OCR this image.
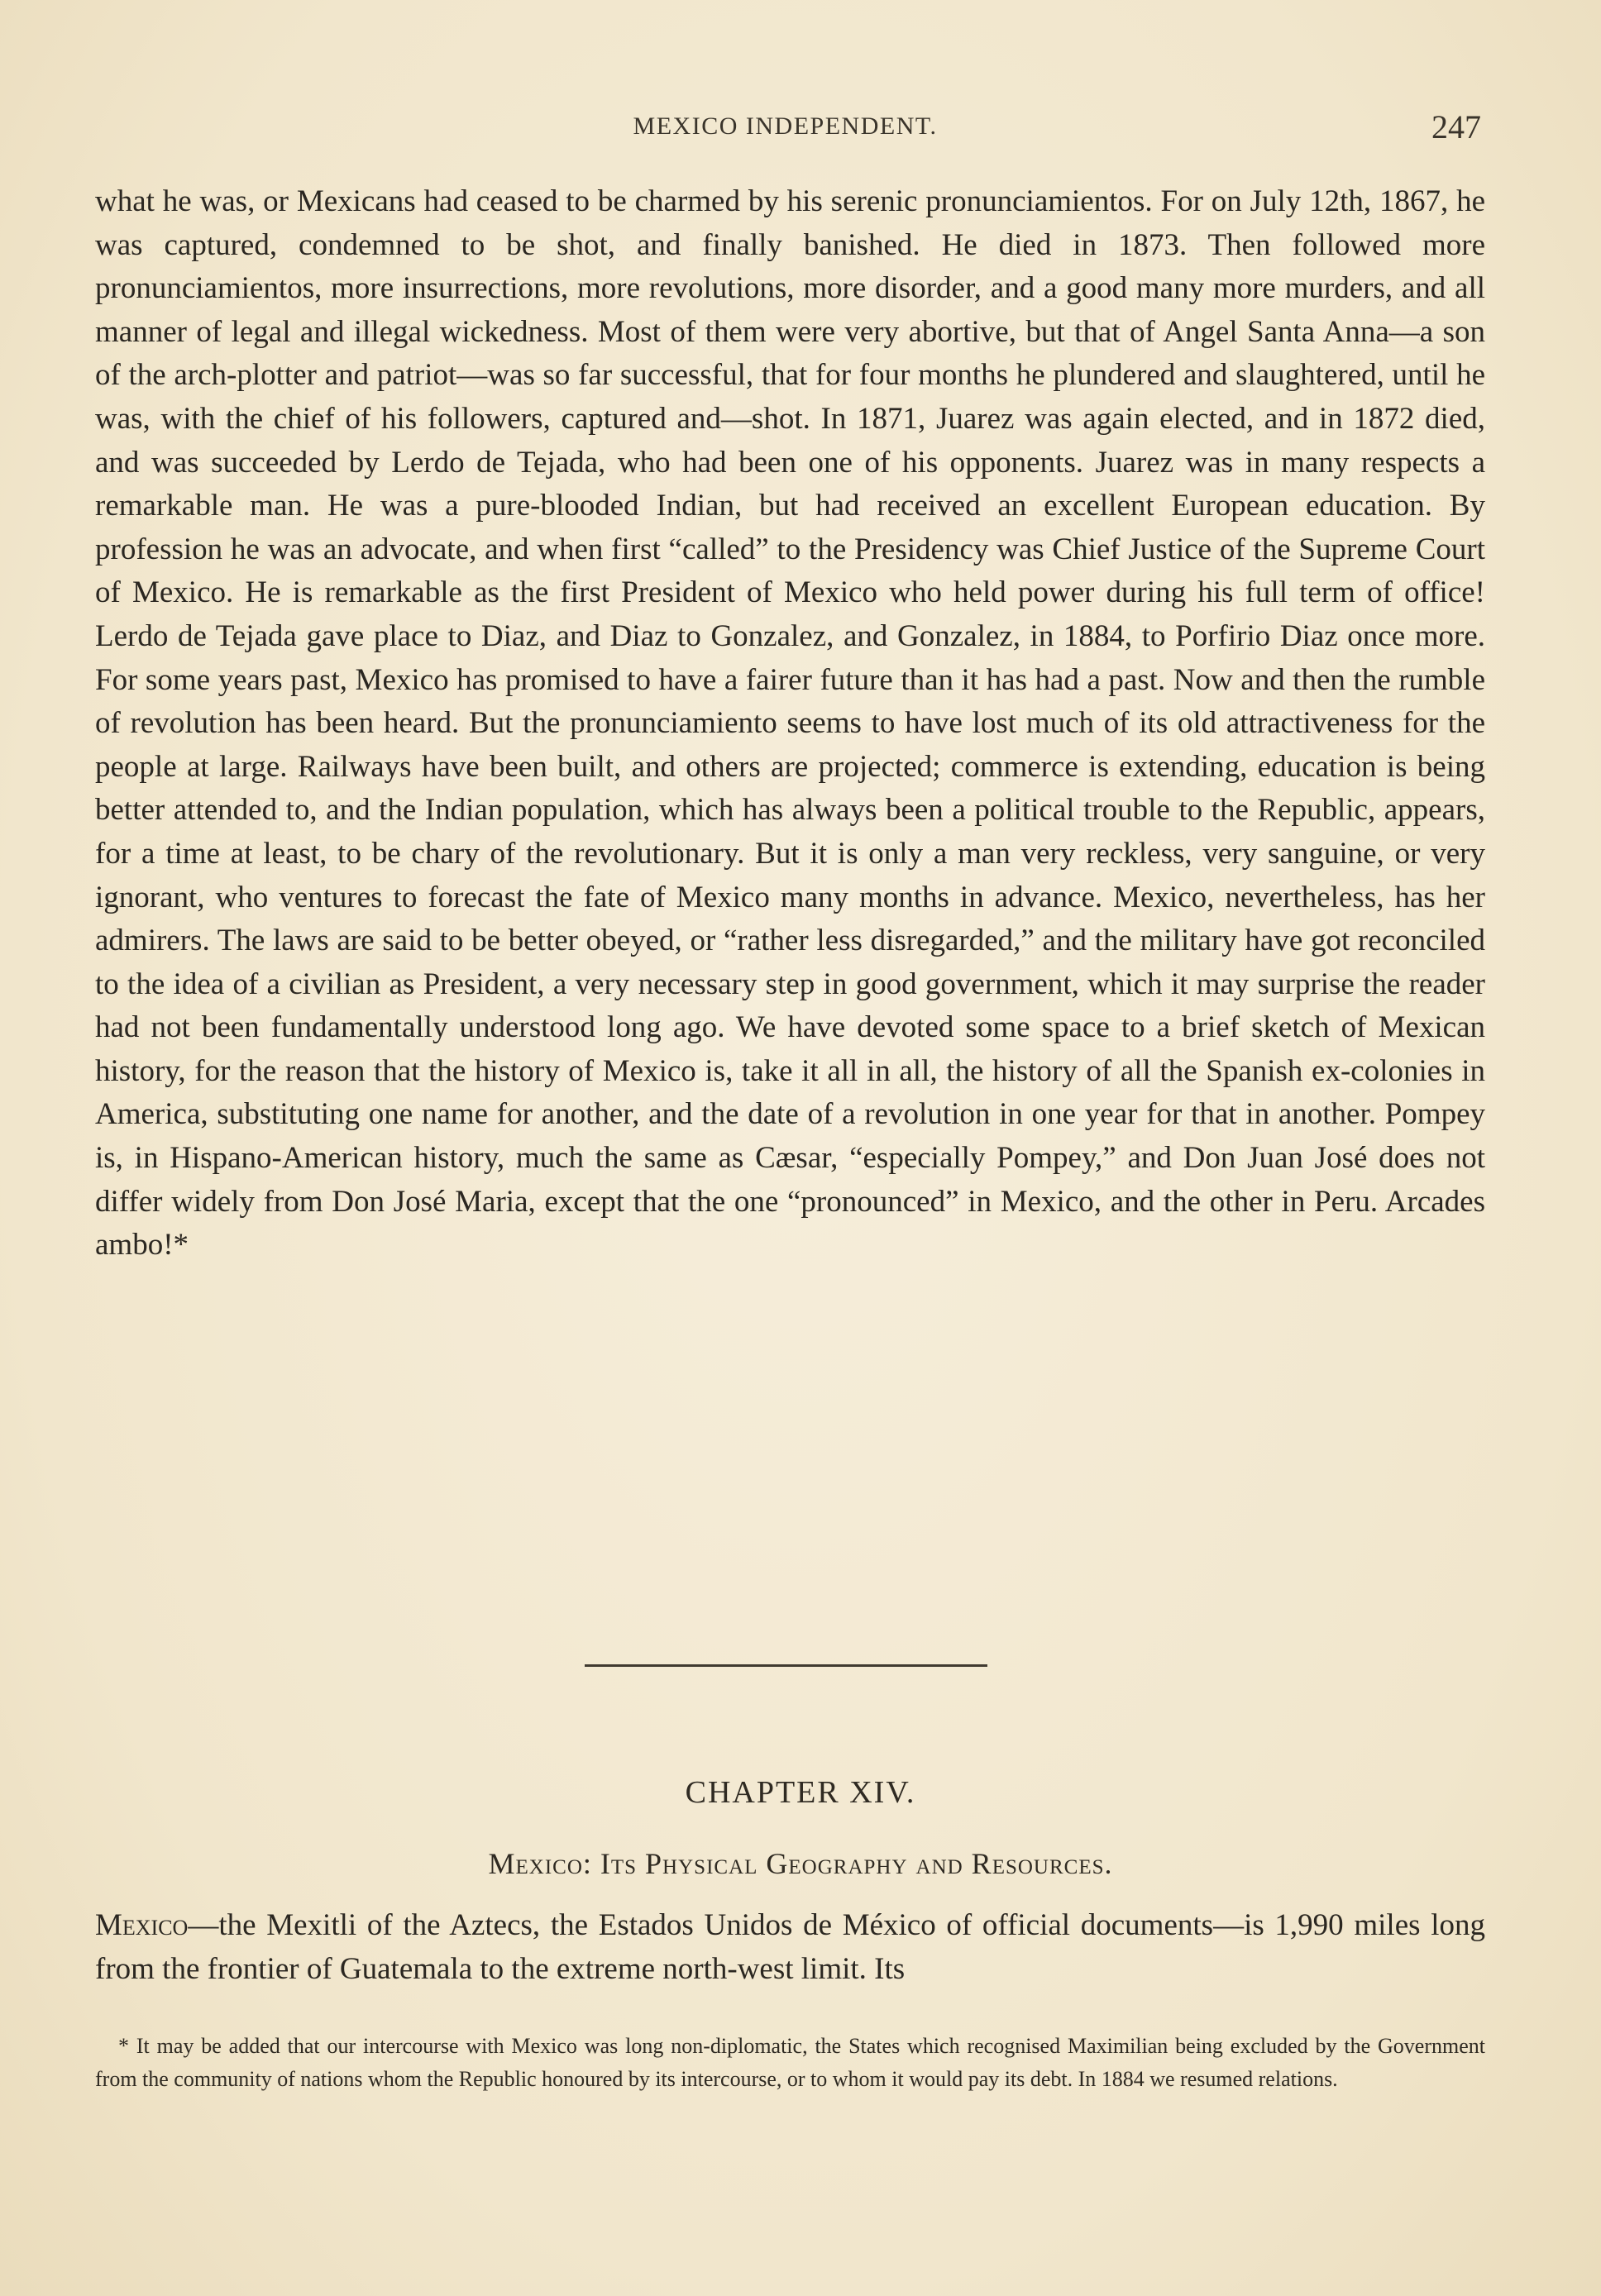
MEXICO INDEPENDENT.	247

what he was, or Mexicans had ceased to be charmed by his serenic pronunciamientos. For on July 12th, 1867, he was captured, condemned to be shot, and finally banished. He died in 1873. Then followed more pronunciamientos, more insurrections, more revolutions, more disorder, and a good many more murders, and all manner of legal and illegal wickedness. Most of them were very abortive, but that of Angel Santa Anna—a son of the arch-plotter and patriot—was so far successful, that for four months he plundered and slaughtered, until he was, with the chief of his followers, captured and—shot. In 1871, Juarez was again elected, and in 1872 died, and was succeeded by Lerdo de Tejada, who had been one of his opponents. Juarez was in many respects a remarkable man. He was a pure-blooded Indian, but had received an excellent European education. By profession he was an advocate, and when first “called” to the Presidency was Chief Justice of the Supreme Court of Mexico. He is remarkable as the first President of Mexico who held power during his full term of office! Lerdo de Tejada gave place to Diaz, and Diaz to Gonzalez, and Gonzalez, in 1884, to Porfirio Diaz once more. For some years past, Mexico has promised to have a fairer future than it has had a past. Now and then the rumble of revolution has been heard. But the pronunciamiento seems to have lost much of its old attractiveness for the people at large. Railways have been built, and others are projected; commerce is extending, education is being better attended to, and the Indian population, which has always been a political trouble to the Republic, appears, for a time at least, to be chary of the revolutionary. But it is only a man very reckless, very sanguine, or very ignorant, who ventures to forecast the fate of Mexico many months in advance. Mexico, nevertheless, has her admirers. The laws are said to be better obeyed, or “rather less disregarded,” and the military have got reconciled to the idea of a civilian as President, a very necessary step in good government, which it may surprise the reader had not been fundamentally understood long ago. We have devoted some space to a brief sketch of Mexican history, for the reason that the history of Mexico is, take it all in all, the history of all the Spanish ex-colonies in America, substituting one name for another, and the date of a revolution in one year for that in another. Pompey is, in Hispano-American history, much the same as Cæsar, “especially Pompey,” and Don Juan José does not differ widely from Don José Maria, except that the one “pronounced” in Mexico, and the other in Peru. Arcades ambo!*

CHAPTER XIV.
Mexico: Its Physical Geography and Resources.

Mexico—the Mexitli of the Aztecs, the Estados Unidos de México of official documents—is 1,990 miles long from the frontier of Guatemala to the extreme north-west limit. Its

* It may be added that our intercourse with Mexico was long non-diplomatic, the States which recognised Maximilian being excluded by the Government from the community of nations whom the Republic honoured by its intercourse, or to whom it would pay its debt. In 1884 we resumed relations.
